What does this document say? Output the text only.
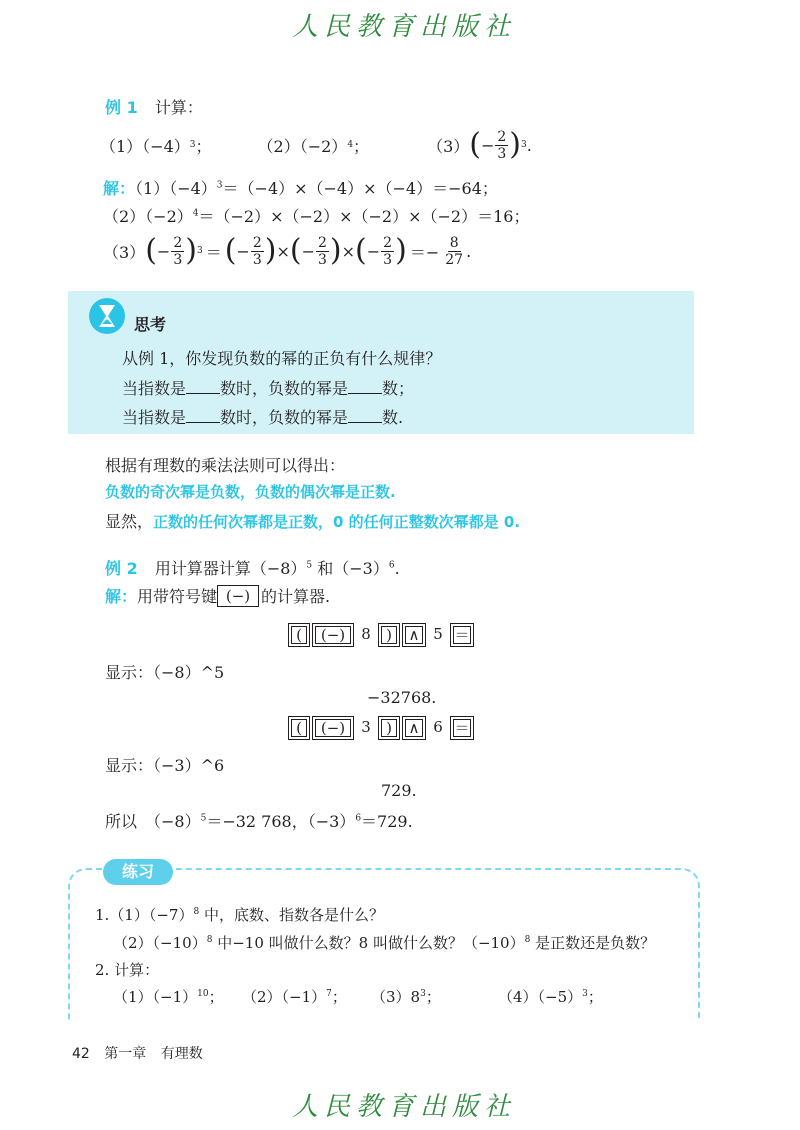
人民教育出版社
例 1 计算：
（1）（−4） 3 ；	（2）（−2） 4 ；	（3） ( − $\frac{2}{3}$ ) 3 .
解：$(1)(-4)^3=(-4)\times(-4)\times(-4)=-64$；
$(2)(-2)^4=(-2)\times(-2)\times(-2)\times(-2)=16$；
（3） ( − $\frac{2}{3}$ ) 3 ＝ ( − $\frac{2}{3}$ ) × ( − $\frac{2}{3}$ ) × ( − $\frac{2}{3}$ ) ＝− $\frac{8}{27}$ .
思考
从例 1，你发现负数的幂的正负有什么规律？
当指数是 数时，负数的幂是 数；
当指数是 数时，负数的幂是 数.
根据有理数的乘法法则可以得出：
负数的奇次幂是负数，负数的偶次幂是正数.
显然，正数的任何次幂都是正数，0 的任何正整数次幂都是 0.
例 2 用计算器计算$(-8)^5$ 和$(-3)^6$.
解： 用带符号键 (−) 的计算器.
(	(−)	8	)	∧ 5 ＝
显示：（−8）^5
−32768.
(	(−)	3	)	∧ 6 ＝
显示：（−3）^6
729.
所以　$(-8)^5=-32$ 768，$(-3)^6=729$.
练习
$1.(1)(-7)^8$ 中，底数、指数各是什么？
$(2)(-10)^8$ 中−10 叫做什么数？8 叫做什么数？$(-10)^8$ 是正数还是负数？
2. 计算：
$(1)(-1)^{10}$； $(2)(-1)^7$； $(3)8^3$；	$(4)(-5)^3$；
42 第一章 有理数
人民教育出版社
